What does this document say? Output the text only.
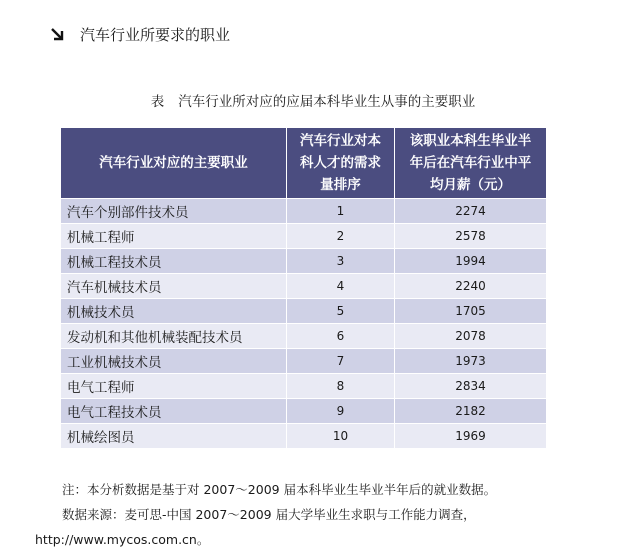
汽车行业所要求的职业
表 汽车行业所对应的应届本科毕业生从事的主要职业
汽车行业对应的主要职业	汽车行业对本科人才的需求量排序	该职业本科生毕业半年后在汽车行业中平均月薪（元）

汽车个别部件技术员	1	2274
机械工程师	2	2578
机械工程技术员	3	1994
汽车机械技术员	4	2240
机械技术员	5	1705
发动机和其他机械装配技术员	6	2078
工业机械技术员	7	1973
电气工程师	8	2834
电气工程技术员	9	2182
机械绘图员	10	1969
注：本分析数据是基于对 2007～2009 届本科毕业生毕业半年后的就业数据。
数据来源：麦可思-中国 2007～2009 届大学毕业生求职与工作能力调查，
http://www.mycos.com.cn。
